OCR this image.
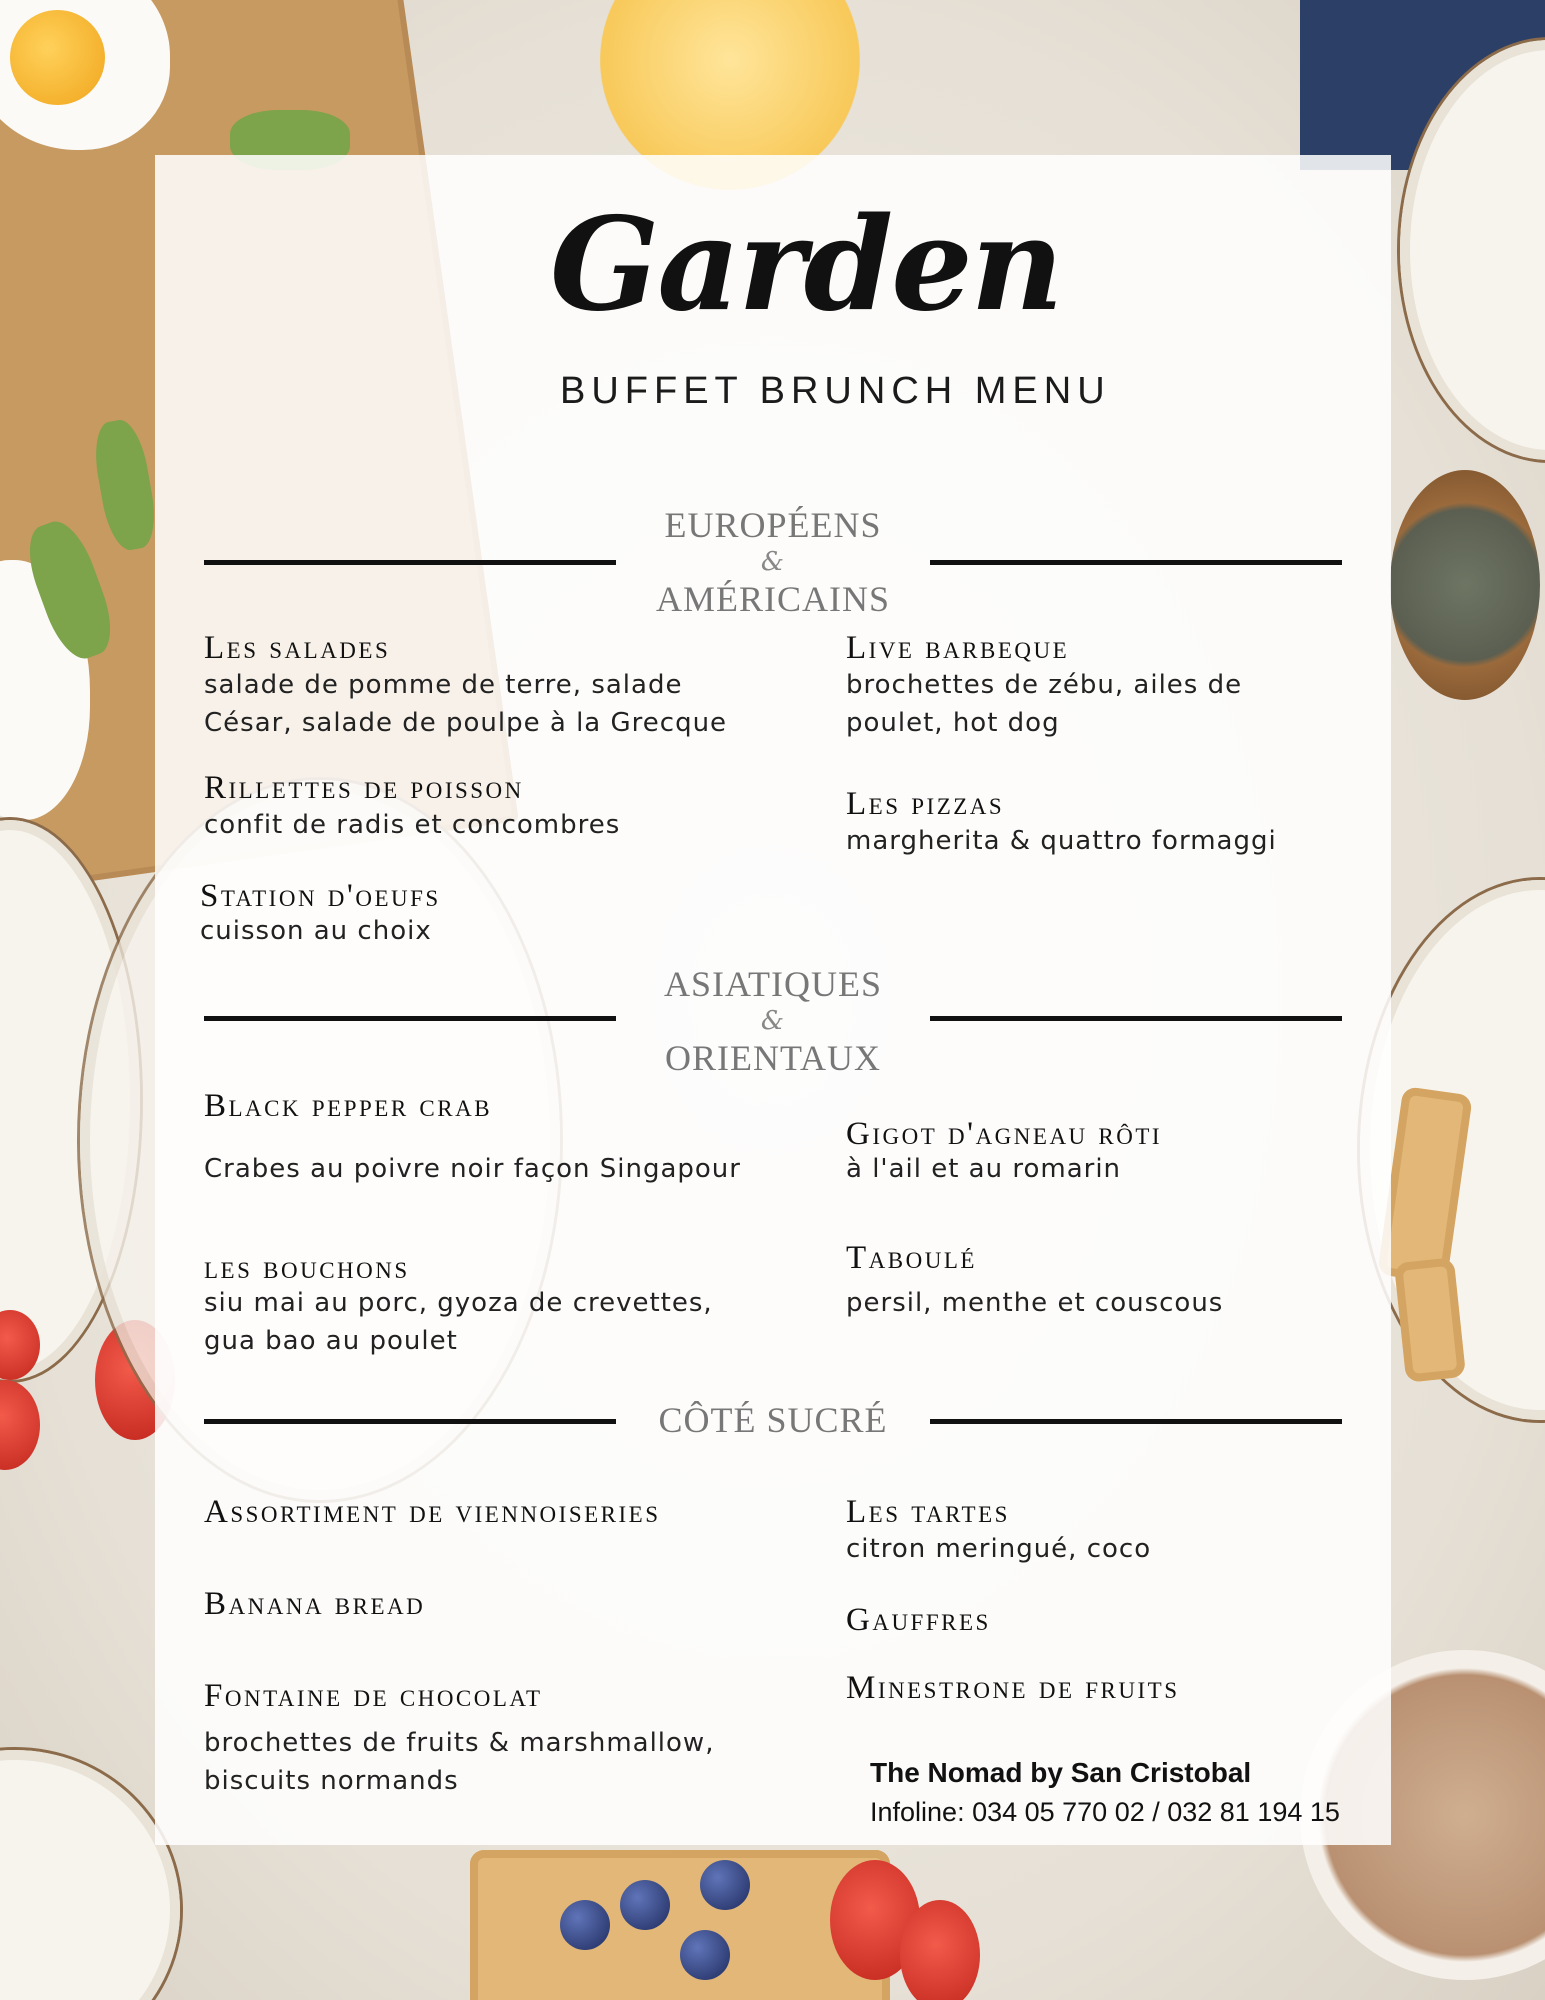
Garden
BUFFET BRUNCH MENU
EUROPÉENS
&
AMÉRICAINS
Les salades
salade de pomme de terre, salade
César, salade de poulpe à la Grecque
Rillettes de poisson
confit de radis et concombres
Station d'oeufs
cuisson au choix
Live barbeque
brochettes de zébu, ailes de
poulet, hot dog
Les pizzas
margherita & quattro formaggi
ASIATIQUES
&
ORIENTAUX
Black pepper crab
Crabes au poivre noir façon Singapour
les bouchons
siu mai au porc, gyoza de crevettes,
gua bao au poulet
Gigot d'agneau rôti
à l'ail et au romarin
Taboulé
persil, menthe et couscous
CÔTÉ SUCRÉ
Assortiment de viennoiseries
Banana bread
Fontaine de chocolat
brochettes de fruits & marshmallow,
biscuits normands
Les tartes
citron meringué, coco
Gauffres
Minestrone de fruits
The Nomad by San Cristobal
Infoline: 034 05 770 02 / 032 81 194 15
